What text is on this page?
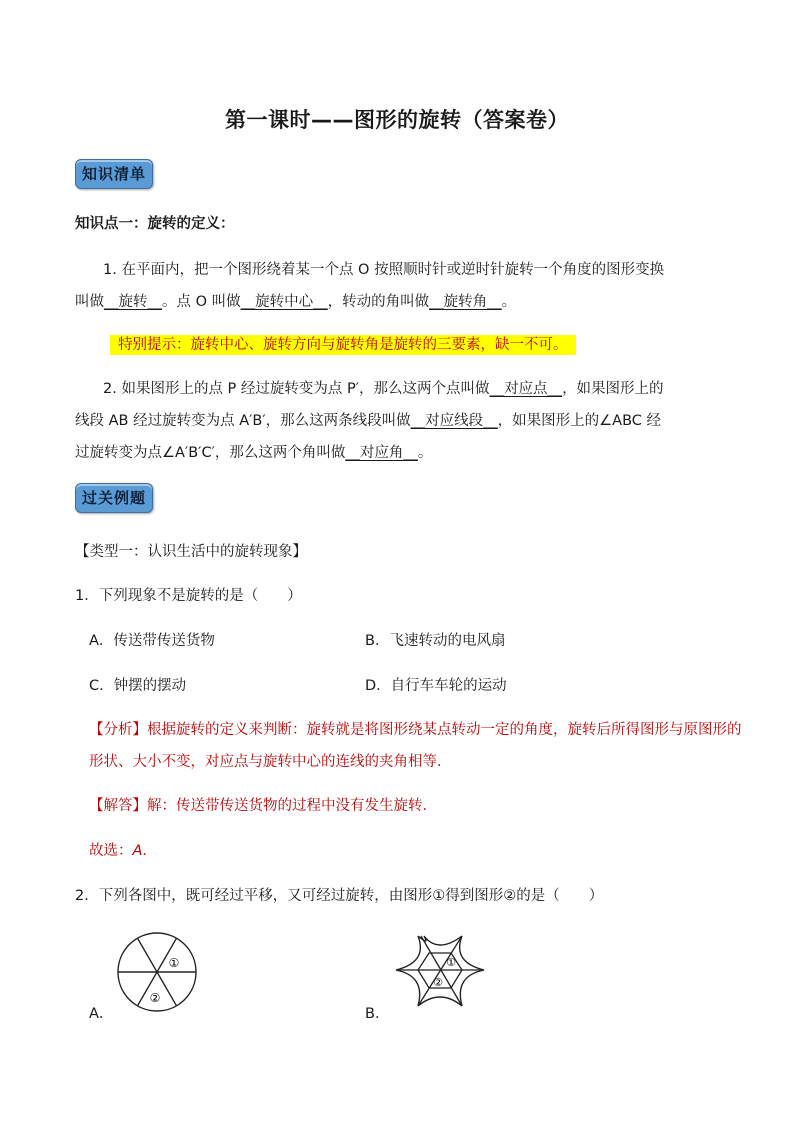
第一课时——图形的旋转（答案卷）
知识清单
知识点一：旋转的定义：
1. 在平面内，把一个图形绕着某一个点 O 按照顺时针或逆时针旋转一个角度的图形变换
叫做__旋转__。点 O 叫做__旋转中心__，转动的角叫做__旋转角__。
特别提示：旋转中心、旋转方向与旋转角是旋转的三要素，缺一不可。
2. 如果图形上的点 P 经过旋转变为点 P′，那么这两个点叫做__对应点__，如果图形上的
线段 AB 经过旋转变为点 A′B′，那么这两条线段叫做__对应线段__，如果图形上的∠ABC 经
过旋转变为点∠A′B′C′，那么这两个角叫做__对应角__。
过关例题
【类型一：认识生活中的旋转现象】
1．下列现象不是旋转的是（　　）
A．传送带传送货物	B．飞速转动的电风扇
C．钟摆的摆动	D．自行车车轮的运动
【分析】根据旋转的定义来判断：旋转就是将图形绕某点转动一定的角度，旋转后所得图形与原图形的
形状、大小不变，对应点与旋转中心的连线的夹角相等．
【解答】解：传送带传送货物的过程中没有发生旋转．
故选：A．
2．下列各图中，既可经过平移，又可经过旋转，由图形①得到图形②的是（　　）
①
②
A．
①
②
B．
